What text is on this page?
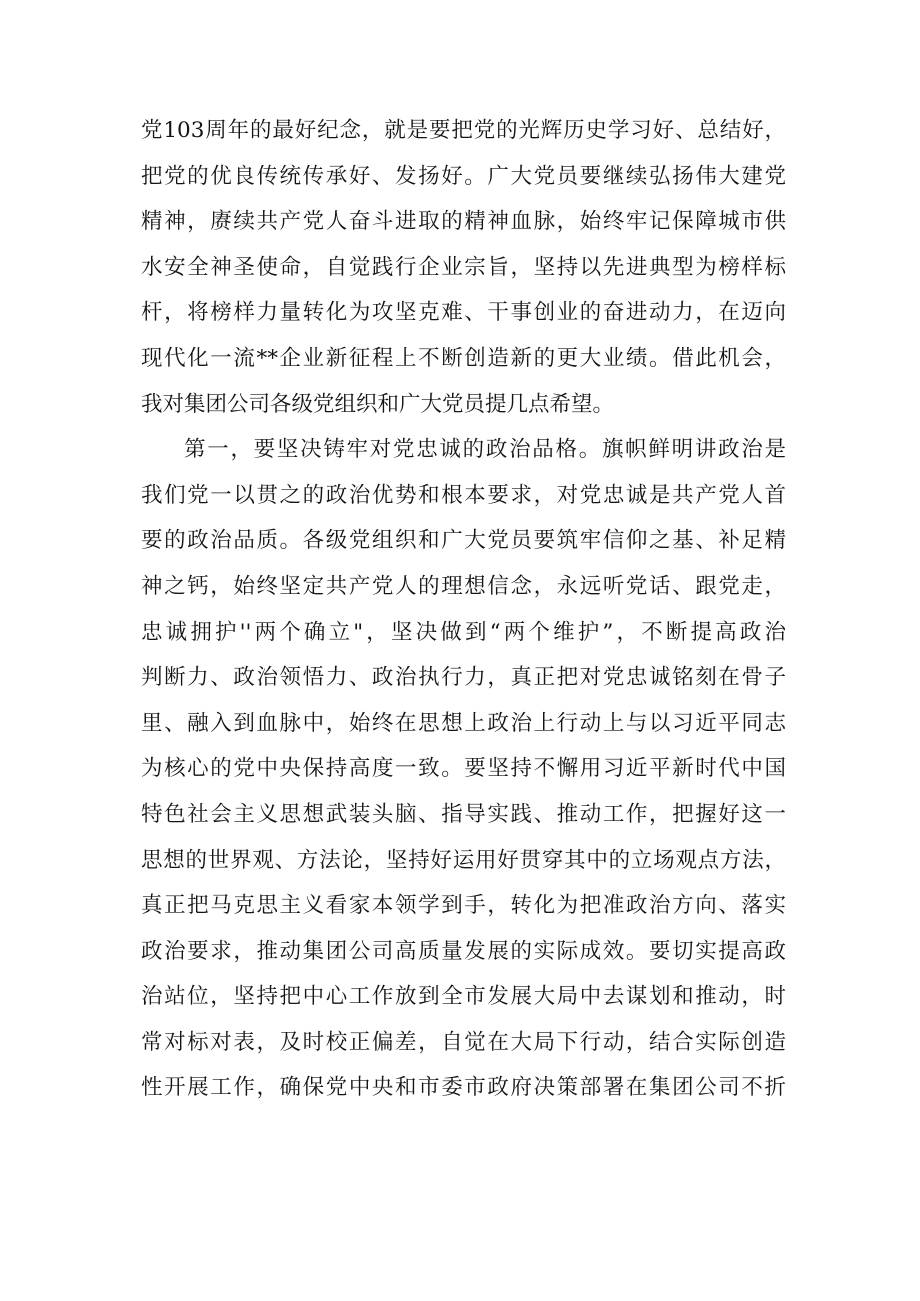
党103周年的最好纪念，就是要把党的光辉历史学习好、总结好，
把党的优良传统传承好、发扬好。广大党员要继续弘扬伟大建党
精神，赓续共产党人奋斗进取的精神血脉，始终牢记保障城市供
水安全神圣使命，自觉践行企业宗旨，坚持以先进典型为榜样标
杆，将榜样力量转化为攻坚克难、干事创业的奋进动力，在迈向
现代化一流**企业新征程上不断创造新的更大业绩。借此机会，
我对集团公司各级党组织和广大党员提几点希望。
第一，要坚决铸牢对党忠诚的政治品格。旗帜鲜明讲政治是
我们党一以贯之的政治优势和根本要求，对党忠诚是共产党人首
要的政治品质。各级党组织和广大党员要筑牢信仰之基、补足精
神之钙，始终坚定共产党人的理想信念，永远听党话、跟党走，
忠诚拥护''两个确立"，坚决做到“两个维护”，不断提高政治
判断力、政治领悟力、政治执行力，真正把对党忠诚铭刻在骨子
里、融入到血脉中，始终在思想上政治上行动上与以习近平同志
为核心的党中央保持高度一致。要坚持不懈用习近平新时代中国
特色社会主义思想武装头脑、指导实践、推动工作，把握好这一
思想的世界观、方法论，坚持好运用好贯穿其中的立场观点方法，
真正把马克思主义看家本领学到手，转化为把准政治方向、落实
政治要求，推动集团公司高质量发展的实际成效。要切实提高政
治站位，坚持把中心工作放到全市发展大局中去谋划和推动，时
常对标对表，及时校正偏差，自觉在大局下行动，结合实际创造
性开展工作，确保党中央和市委市政府决策部署在集团公司不折
